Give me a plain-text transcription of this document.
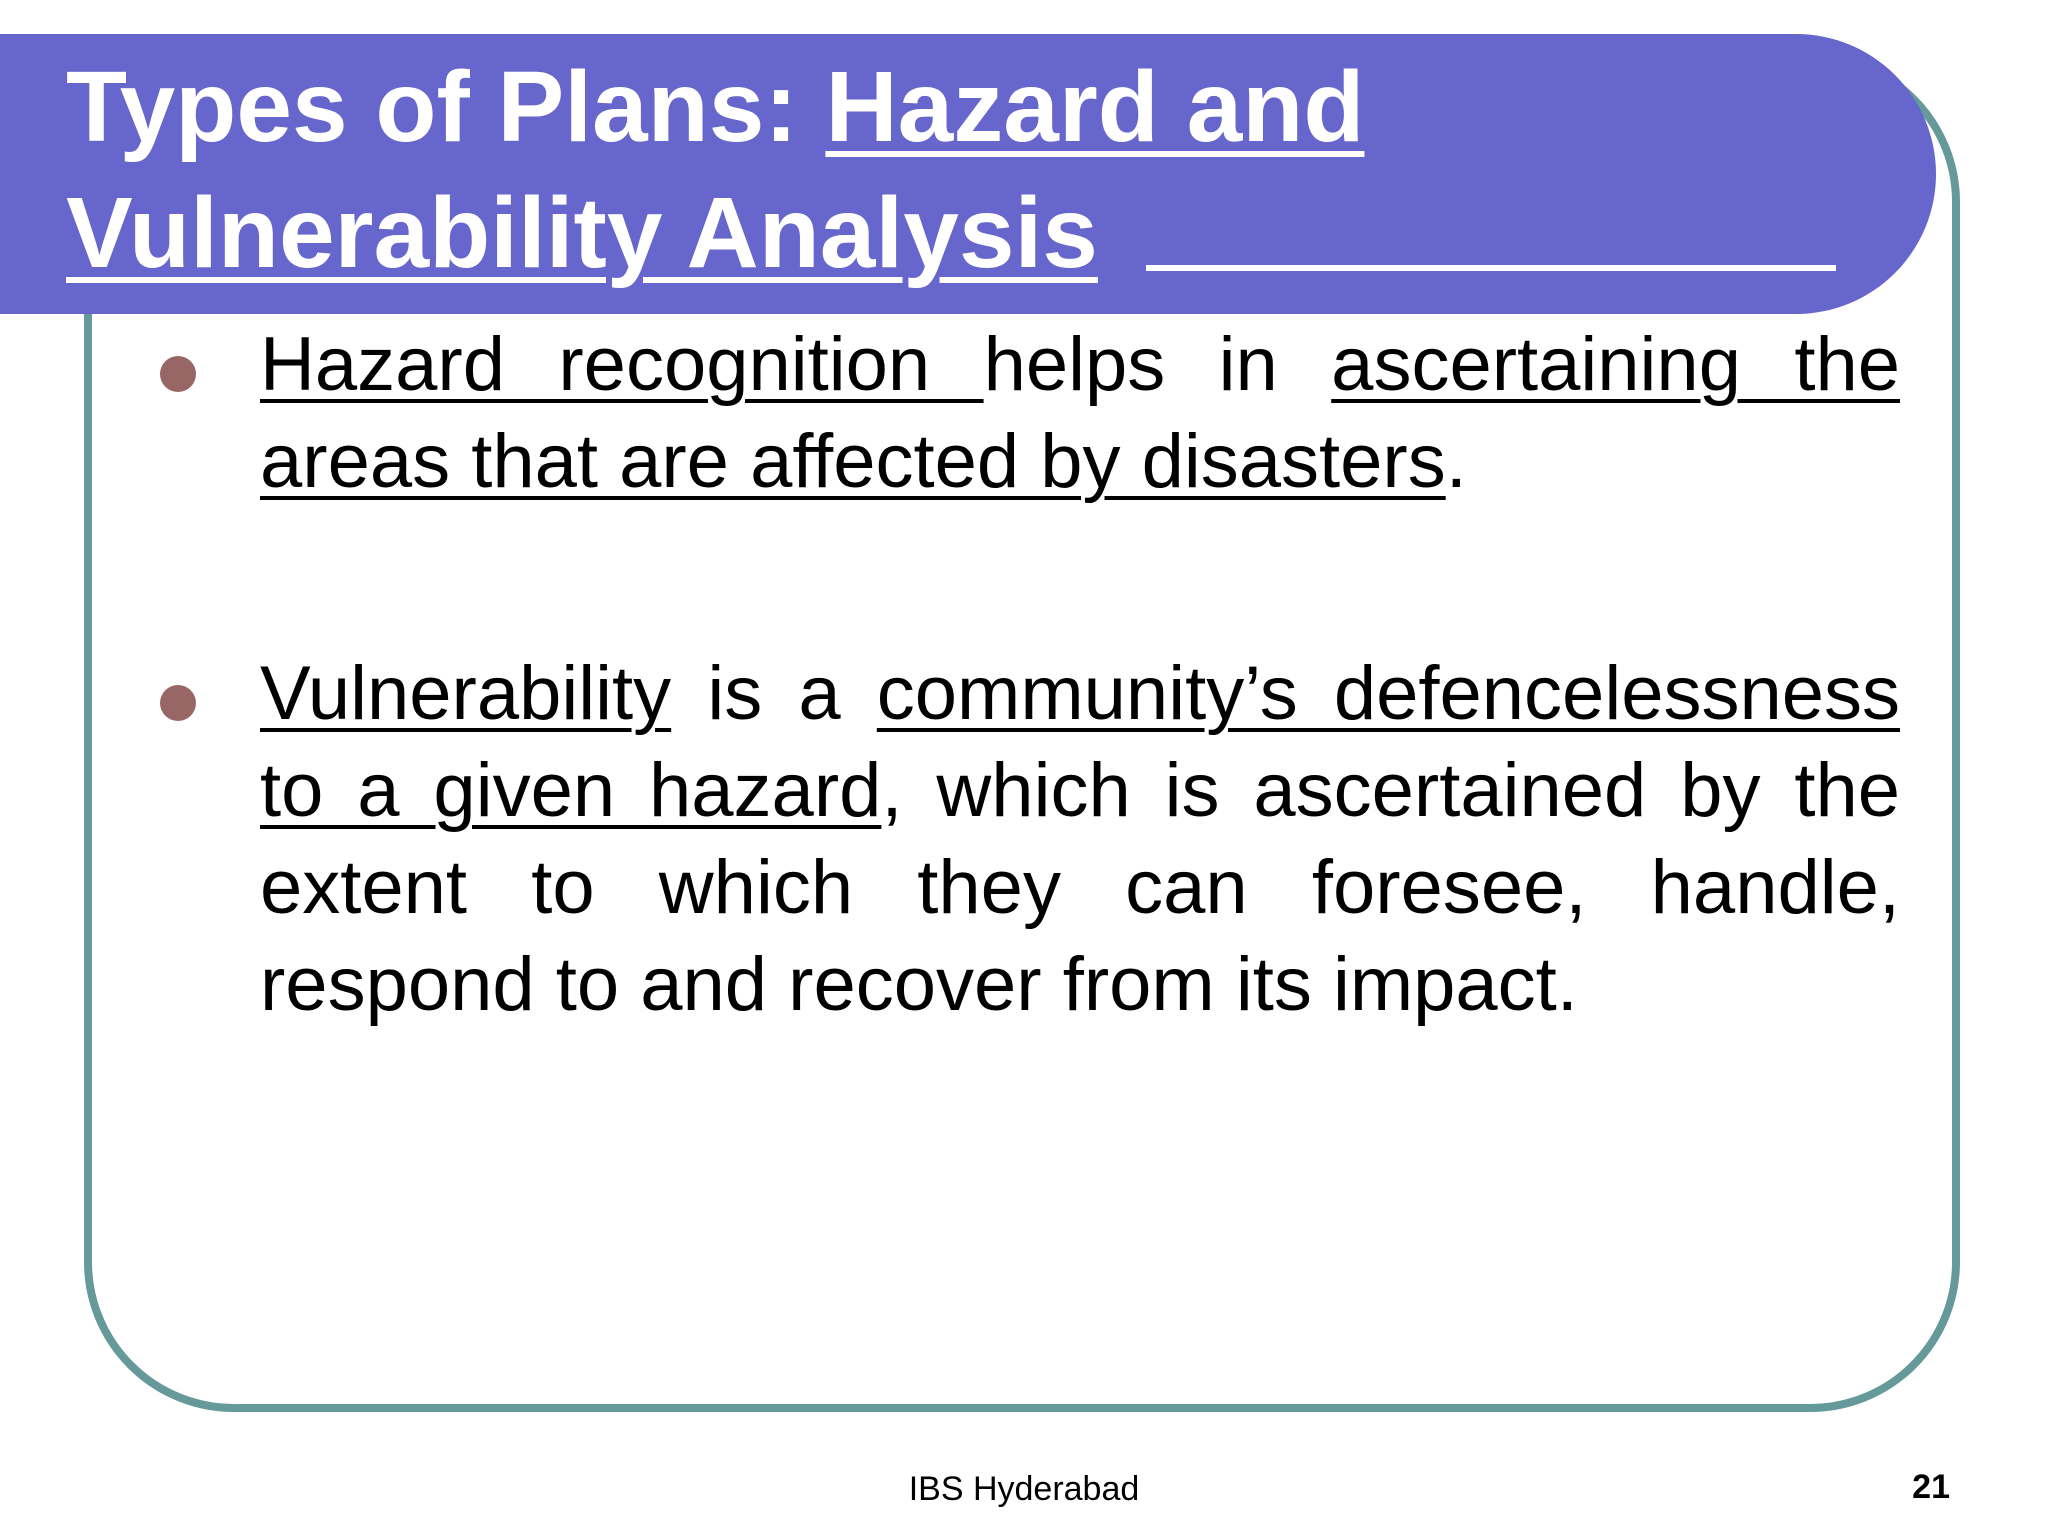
Types of Plans: Hazard and
Vulnerability Analysis

Hazard recognition helps in ascertaining the areas that are affected by disasters.

Vulnerability is a community’s defencelessness to a given hazard, which is ascertained by the extent to which they can foresee, handle, respond to and recover from its impact.

IBS Hyderabad	21
